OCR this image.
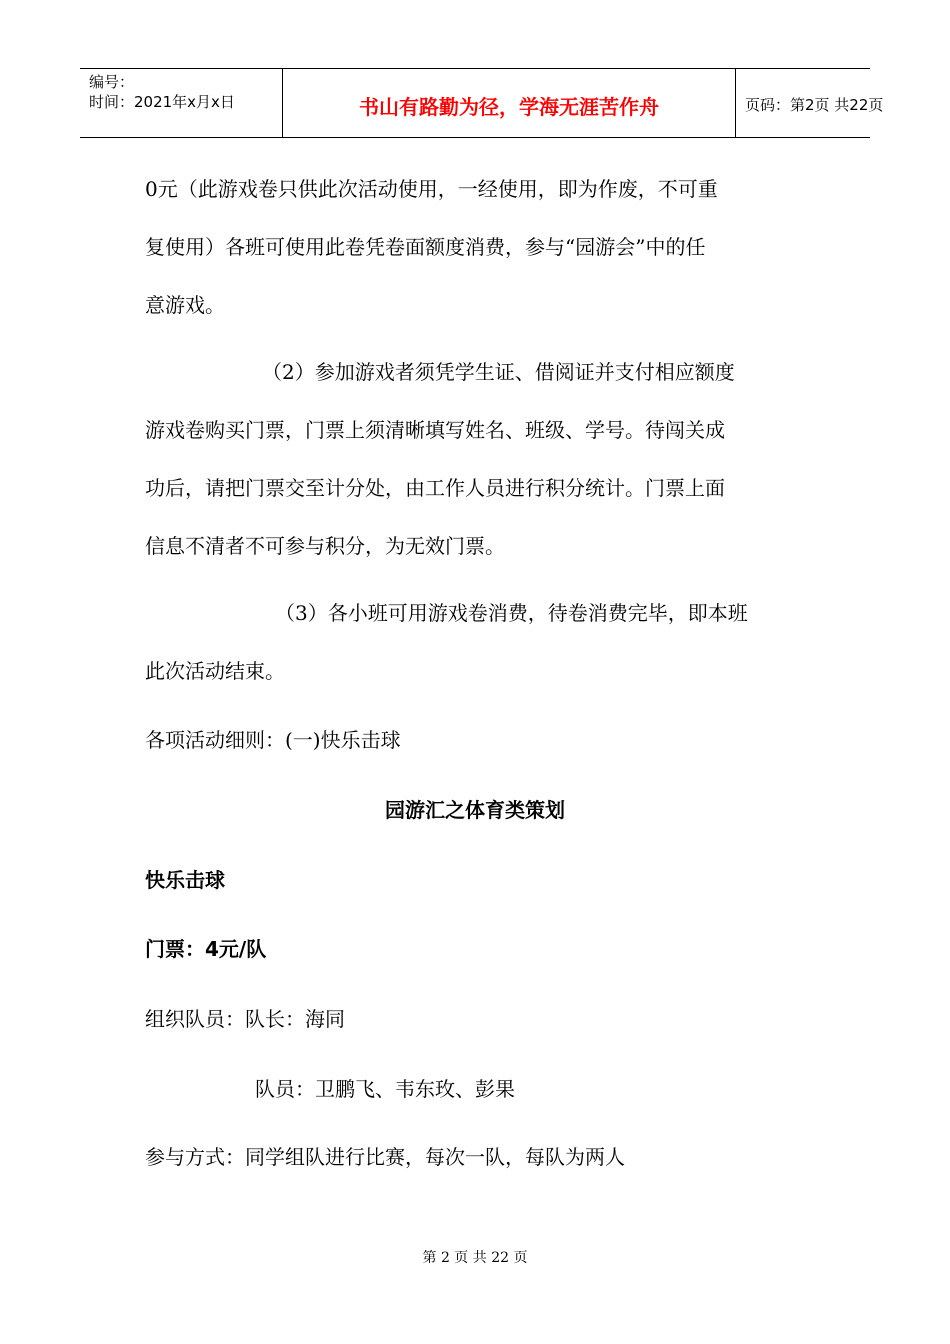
编号：
时间：2021年x月x日	书山有路勤为径，学海无涯苦作舟	页码：第2页 共22页
0元（此游戏卷只供此次活动使用，一经使用，即为作废，不可重
复使用）各班可使用此卷凭卷面额度消费，参与“园游会”中的任
意游戏。
（2）参加游戏者须凭学生证、借阅证并支付相应额度
游戏卷购买门票，门票上须清晰填写姓名、班级、学号。待闯关成
功后，请把门票交至计分处，由工作人员进行积分统计。门票上面
信息不清者不可参与积分，为无效门票。
（3）各小班可用游戏卷消费，待卷消费完毕，即本班
此次活动结束。
各项活动细则：(一)快乐击球
园游汇之体育类策划
快乐击球
门票：4元/队
组织队员：队长：海同
队员：卫鹏飞、韦东玫、彭果
参与方式：同学组队进行比赛，每次一队，每队为两人
第 2 页 共 22 页
